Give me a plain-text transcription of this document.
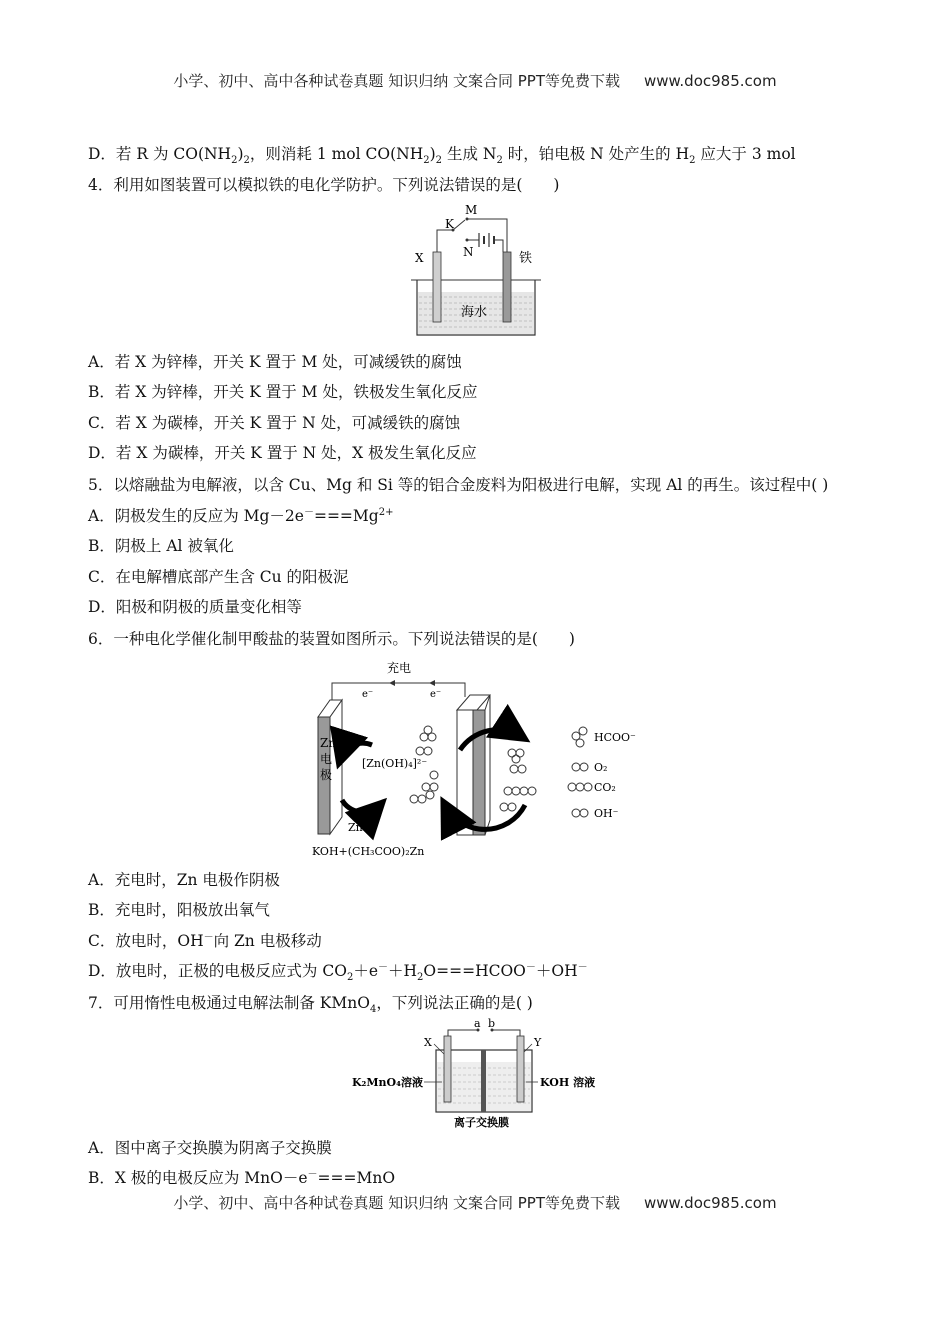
小学、初中、高中各种试卷真题 知识归纳 文案合同 PPT等免费下载 www.doc985.com
D．若 R 为 $CO(NH_2)_2$，则消耗 1 mol $CO(NH_2)_2$ 生成 $N_2$ 时，铂电极 N 处产生的 $H_2$ 应大于 3 mol
4．利用如图装置可以模拟铁的电化学防护。下列说法错误的是(　　)
M
K
N
X	铁
海水
A．若 X 为锌棒，开关 K 置于 M 处，可减缓铁的腐蚀
B．若 X 为锌棒，开关 K 置于 M 处，铁极发生氧化反应
C．若 X 为碳棒，开关 K 置于 N 处，可减缓铁的腐蚀
D．若 X 为碳棒，开关 K 置于 N 处，X 极发生氧化反应
5．以熔融盐为电解液，以含 Cu、Mg 和 Si 等的铝合金废料为阳极进行电解，实现 Al 的再生。该过程中( )
A．阴极发生的反应为 $Mg-2e^-===Mg^{2+}$
B．阴极上 Al 被氧化
C．在电解槽底部产生含 Cu 的阳极泥
D．阳极和阴极的质量变化相等
6．一种电化学催化制甲酸盐的装置如图所示。下列说法错误的是(　　)
充电
e⁻	e⁻
Zn
电
极
[Zn(OH)₄]²⁻
Zn²⁺
HCOO⁻
O₂
CO₂
OH⁻
KOH+(CH₃COO)₂Zn
A．充电时，Zn 电极作阴极
B．充电时，阳极放出氧气
C．放电时，OH－向 Zn 电极移动
D．放电时，正极的电极反应式为 $CO_2+e^-+H_2O===HCOO^-+OH^-$
7．可用惰性电极通过电解法制备 KMnO$_4$，下列说法正确的是( )
a b
X	Y
K₂MnO₄溶液	KOH 溶液
离子交换膜
A．图中离子交换膜为阴离子交换膜
B．X 极的电极反应为 MnO－e－===MnO
小学、初中、高中各种试卷真题 知识归纳 文案合同 PPT等免费下载 www.doc985.com
